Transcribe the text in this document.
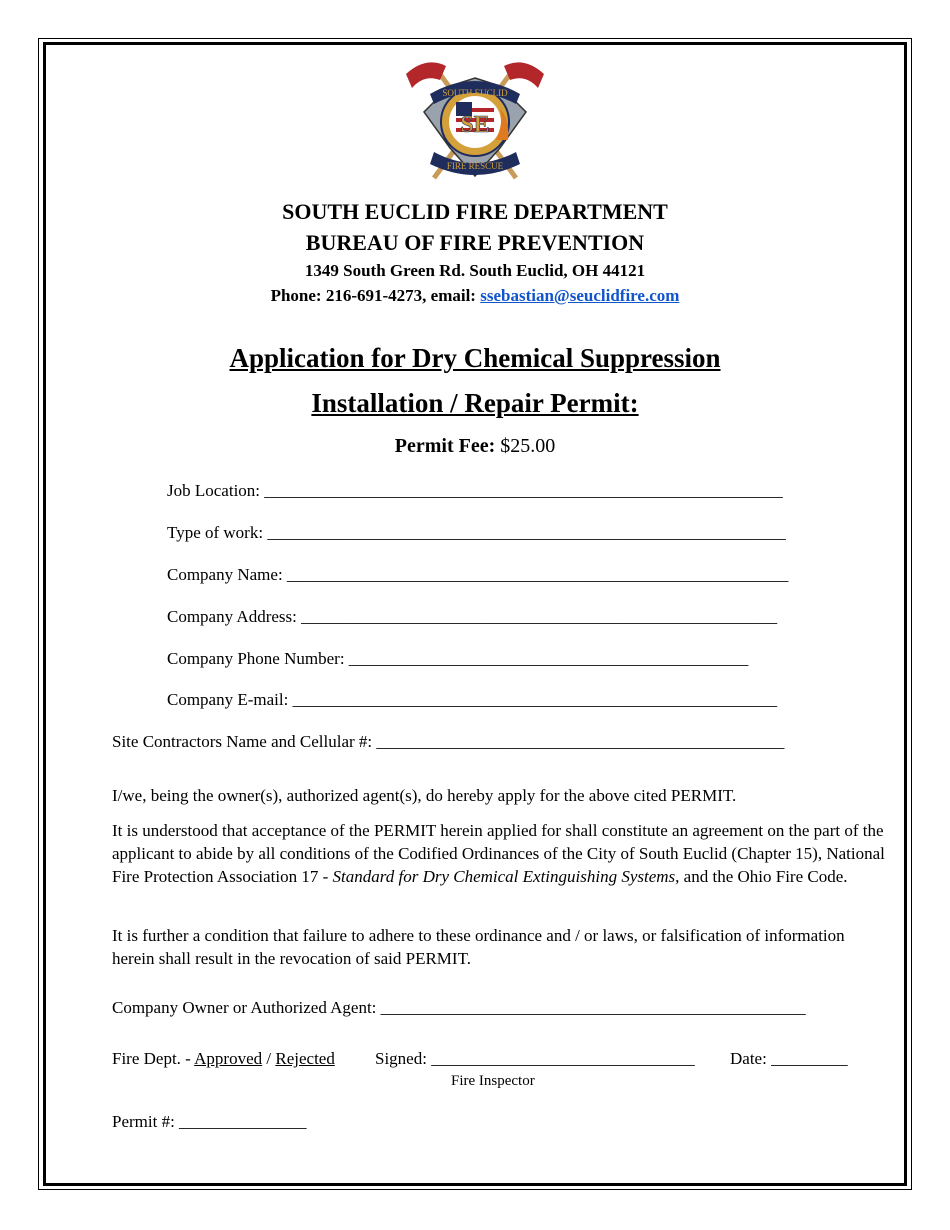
SOUTH EUCLID
FIRE RESCUE
SE
SOUTH EUCLID FIRE DEPARTMENT
BUREAU OF FIRE PREVENTION
1349 South Green Rd. South Euclid, OH 44121
Phone: 216-691-4273, email: ssebastian@seuclidfire.com
Application for Dry Chemical Suppression
Installation / Repair Permit:
Permit Fee: $25.00
Job Location: _____________________________________________________________
Type of work: _____________________________________________________________
Company Name: ___________________________________________________________
Company Address: ________________________________________________________
Company Phone Number: _______________________________________________
Company E-mail: _________________________________________________________
Site Contractors Name and Cellular #: ________________________________________________
I/we, being the owner(s), authorized agent(s), do hereby apply for the above cited PERMIT.
It is understood that acceptance of the PERMIT herein applied for shall constitute an agreement on the part of the applicant to abide by all conditions of the Codified Ordinances of the City of South Euclid (Chapter 15), National Fire Protection Association 17 - Standard for Dry Chemical Extinguishing Systems, and the Ohio Fire Code.
It is further a condition that failure to adhere to these ordinance and / or laws, or falsification of information herein shall result in the revocation of said PERMIT.
Company Owner or Authorized Agent: __________________________________________________
Fire Dept. - Approved / Rejected Signed: _______________________________ Date: _________
Fire Inspector
Permit #: _______________
